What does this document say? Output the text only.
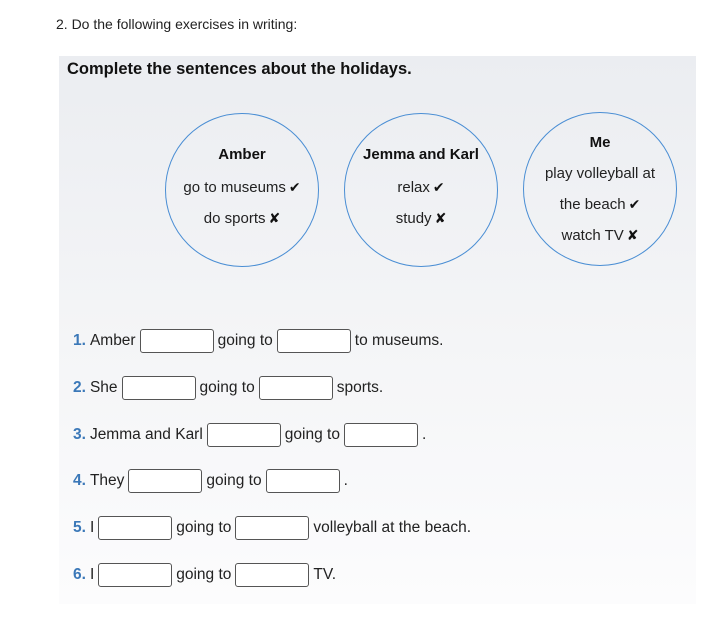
2. Do the following exercises in writing:
Complete the sentences about the holidays.
Amber
go to museums ✔
do sports ✘
Jemma and Karl
relax ✔
study ✘
Me
play volleyball at
the beach ✔
watch TV ✘
1. Amber	going to	to museums.
2. She	going to	sports.
3. Jemma and Karl	going to	.
4. They	going to	.
5. I	going to	volleyball at the beach.
6. I	going to	TV.
